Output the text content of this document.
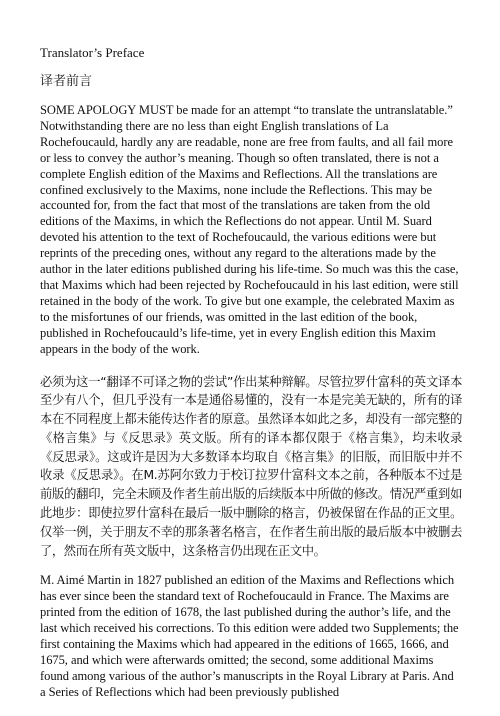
Translator’s Preface
译者前言

SOME APOLOGY MUST be made for an attempt “to translate the untranslatable.” Notwithstanding there are no less than eight English translations of La Rochefoucauld, hardly any are readable, none are free from faults, and all fail more or less to convey the author’s meaning. Though so often translated, there is not a complete English edition of the Maxims and Reflections. All the translations are confined exclusively to the Maxims, none include the Reflections. This may be accounted for, from the fact that most of the translations are taken from the old editions of the Maxims, in which the Reflections do not appear. Until M. Suard devoted his attention to the text of Rochefoucauld, the various editions were but reprints of the preceding ones, without any regard to the alterations made by the author in the later editions published during his life-time. So much was this the case, that Maxims which had been rejected by Rochefoucauld in his last edition, were still retained in the body of the work. To give but one example, the celebrated Maxim as to the misfortunes of our friends, was omitted in the last edition of the book, published in Rochefoucauld’s life-time, yet in every English edition this Maxim appears in the body of the work.

必须为这一“翻译不可译之物的尝试”作出某种辩解。尽管拉罗什富科的英文译本至少有八个，但几乎没有一本是通俗易懂的，没有一本是完美无缺的，所有的译本在不同程度上都未能传达作者的原意。虽然译本如此之多，却没有一部完整的《格言集》与《反思录》英文版。所有的译本都仅限于《格言集》，均未收录《反思录》。这或许是因为大多数译本均取自《格言集》的旧版，而旧版中并不收录《反思录》。在M.苏阿尔致力于校订拉罗什富科文本之前，各种版本不过是前版的翻印，完全未顾及作者生前出版的后续版本中所做的修改。情况严重到如此地步：即使拉罗什富科在最后一版中删除的格言，仍被保留在作品的正文里。仅举一例，关于朋友不幸的那条著名格言，在作者生前出版的最后版本中被删去了，然而在所有英文版中，这条格言仍出现在正文中。

M. Aimé Martin in 1827 published an edition of the Maxims and Reflections which has ever since been the standard text of Rochefoucauld in France. The Maxims are printed from the edition of 1678, the last published during the author’s life, and the last which received his corrections. To this edition were added two Supplements; the first containing the Maxims which had appeared in the editions of 1665, 1666, and 1675, and which were afterwards omitted; the second, some additional Maxims found among various of the author’s manuscripts in the Royal Library at Paris. And a Series of Reflections which had been previously published
